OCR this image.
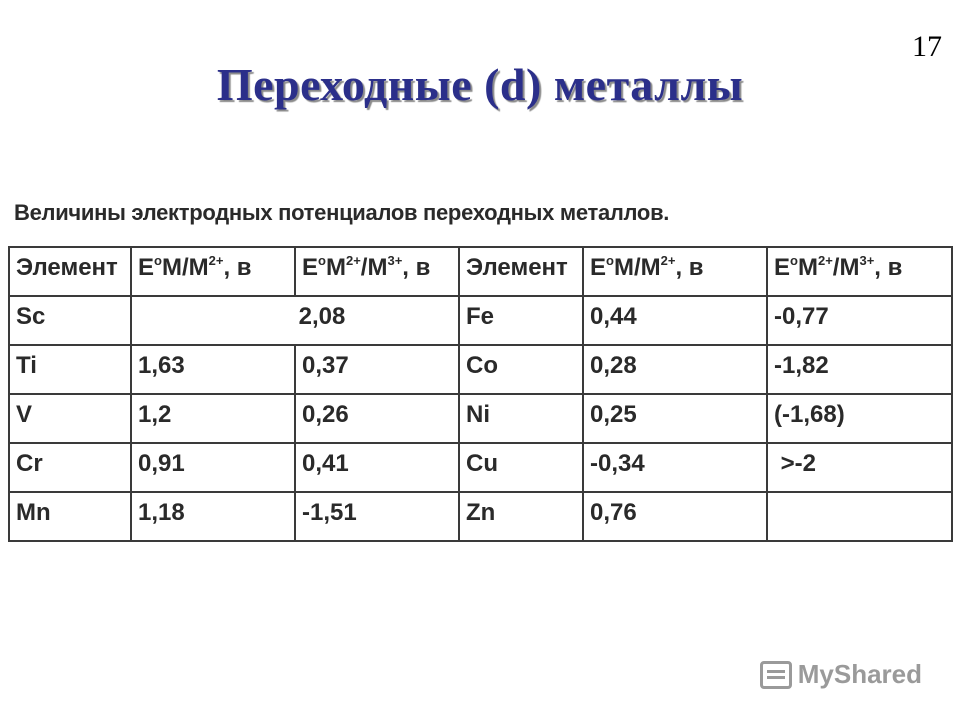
17
Переходные (d) металлы
Величины электродных потенциалов переходных металлов.
Элемент	$E^oM/M^{2+}$, в	$E^oM^{2+}/M^{3+}$, в	Элемент	$E^oM/M^{2+}$, в	$E^oM^{2+}/M^{3+}$, в
Sc	2,08		Fe	0,44	-0,77
Ti	1,63	0,37	Co	0,28	-1,82
V	1,2	0,26	Ni	0,25	(-1,68)
Cr	0,91	0,41	Cu	-0,34	>-2
Mn	1,18	-1,51	Zn	0,76	
MyShared
